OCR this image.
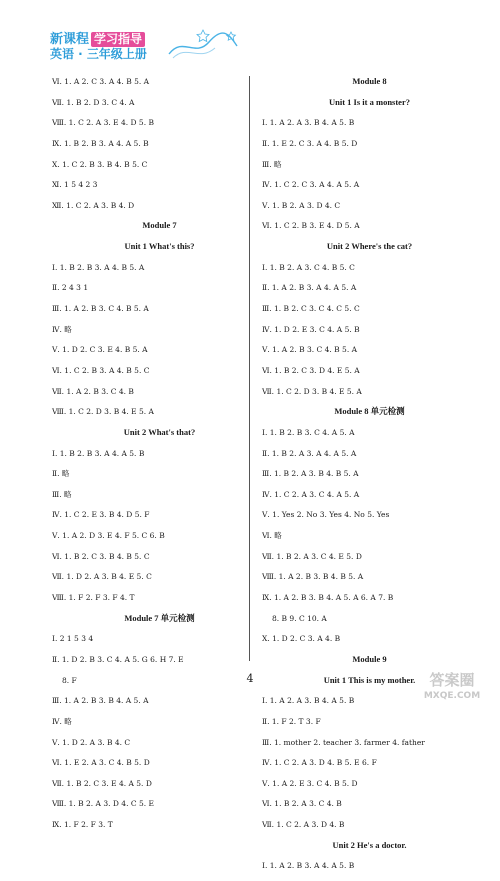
新课程 学习指导
英语 · 三年级上册
Ⅵ. 1. A 2. C 3. A 4. B 5. A
Ⅶ. 1. B 2. D 3. C 4. A
Ⅷ. 1. C 2. A 3. E 4. D 5. B
Ⅸ. 1. B 2. B 3. A 4. A 5. B
Ⅹ. 1. C 2. B 3. B 4. B 5. C
Ⅺ. 1 5 4 2 3
Ⅻ. 1. C 2. A 3. B 4. D
Module 7
Unit 1 What's this?
Ⅰ. 1. B 2. B 3. A 4. B 5. A
Ⅱ. 2 4 3 1
Ⅲ. 1. A 2. B 3. C 4. B 5. A
Ⅳ. 略
Ⅴ. 1. D 2. C 3. E 4. B 5. A
Ⅵ. 1. C 2. B 3. A 4. B 5. C
Ⅶ. 1. A 2. B 3. C 4. B
Ⅷ. 1. C 2. D 3. B 4. E 5. A
Unit 2 What's that?
Ⅰ. 1. B 2. B 3. A 4. A 5. B
Ⅱ. 略
Ⅲ. 略
Ⅳ. 1. C 2. E 3. B 4. D 5. F
Ⅴ. 1. A 2. D 3. E 4. F 5. C 6. B
Ⅵ. 1. B 2. C 3. B 4. B 5. C
Ⅶ. 1. D 2. A 3. B 4. E 5. C
Ⅷ. 1. F 2. F 3. F 4. T
Module 7 单元检测
Ⅰ. 2 1 5 3 4
Ⅱ. 1. D 2. B 3. C 4. A 5. G 6. H 7. E
8. F
Ⅲ. 1. A 2. B 3. B 4. A 5. A
Ⅳ. 略
Ⅴ. 1. D 2. A 3. B 4. C
Ⅵ. 1. E 2. A 3. C 4. B 5. D
Ⅶ. 1. B 2. C 3. E 4. A 5. D
Ⅷ. 1. B 2. A 3. D 4. C 5. E
Ⅸ. 1. F 2. F 3. T
Module 8
Unit 1 Is it a monster?
Ⅰ. 1. A 2. A 3. B 4. A 5. B
Ⅱ. 1. E 2. C 3. A 4. B 5. D
Ⅲ. 略
Ⅳ. 1. C 2. C 3. A 4. A 5. A
Ⅴ. 1. B 2. A 3. D 4. C
Ⅵ. 1. C 2. B 3. E 4. D 5. A
Unit 2 Where's the cat?
Ⅰ. 1. B 2. A 3. C 4. B 5. C
Ⅱ. 1. A 2. B 3. A 4. A 5. A
Ⅲ. 1. B 2. C 3. C 4. C 5. C
Ⅳ. 1. D 2. E 3. C 4. A 5. B
Ⅴ. 1. A 2. B 3. C 4. B 5. A
Ⅵ. 1. B 2. C 3. D 4. E 5. A
Ⅶ. 1. C 2. D 3. B 4. E 5. A
Module 8 单元检测
Ⅰ. 1. B 2. B 3. C 4. A 5. A
Ⅱ. 1. B 2. A 3. A 4. A 5. A
Ⅲ. 1. B 2. A 3. B 4. B 5. A
Ⅳ. 1. C 2. A 3. C 4. A 5. A
Ⅴ. 1. Yes 2. No 3. Yes 4. No 5. Yes
Ⅵ. 略
Ⅶ. 1. B 2. A 3. C 4. E 5. D
Ⅷ. 1. A 2. B 3. B 4. B 5. A
Ⅸ. 1. A 2. B 3. B 4. A 5. A 6. A 7. B
8. B 9. C 10. A
Ⅹ. 1. D 2. C 3. A 4. B
Module 9
Unit 1 This is my mother.
Ⅰ. 1. A 2. A 3. B 4. A 5. B
Ⅱ. 1. F 2. T 3. F
Ⅲ. 1. mother 2. teacher 3. farmer 4. father
Ⅳ. 1. C 2. A 3. D 4. B 5. E 6. F
Ⅴ. 1. A 2. E 3. C 4. B 5. D
Ⅵ. 1. B 2. A 3. C 4. B
Ⅶ. 1. C 2. A 3. D 4. B
Unit 2 He's a doctor.
Ⅰ. 1. A 2. B 3. A 4. A 5. B
4	答案圈
MXQE.COM
